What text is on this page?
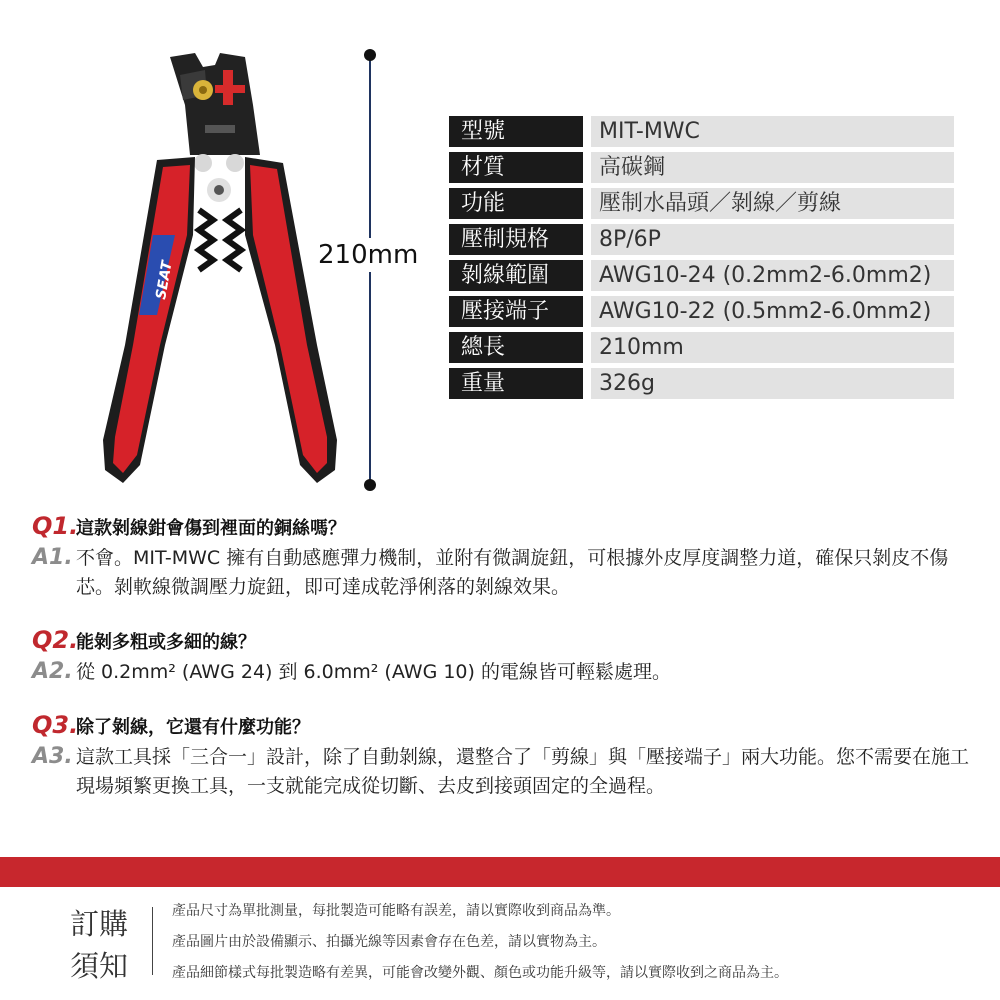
SEAT
210mm
型號	MIT-MWC
材質	高碳鋼
功能	壓制水晶頭／剝線／剪線
壓制規格	8P/6P
剝線範圍	AWG10-24 (0.2mm2-6.0mm2)
壓接端子	AWG10-22 (0.5mm2-6.0mm2)
總長	210mm
重量	326g
Q1.
這款剝線鉗會傷到裡面的銅絲嗎？
A1. 不會。MIT-MWC 擁有自動感應彈力機制，並附有微調旋鈕，可根據外皮厚度調整力道，確保只剝皮不傷芯。剝軟線微調壓力旋鈕，即可達成乾淨俐落的剝線效果。
Q2.
能剝多粗或多細的線？
A2. 從 0.2mm² (AWG 24) 到 6.0mm² (AWG 10) 的電線皆可輕鬆處理。
Q3.
除了剝線，它還有什麼功能？
A3. 這款工具採「三合一」設計，除了自動剝線，還整合了「剪線」與「壓接端子」兩大功能。您不需要在施工現場頻繁更換工具，一支就能完成從切斷、去皮到接頭固定的全過程。
訂購須知
產品尺寸為單批測量，每批製造可能略有誤差，請以實際收到商品為準。
產品圖片由於設備顯示、拍攝光線等因素會存在色差，請以實物為主。
產品細節樣式每批製造略有差異，可能會改變外觀、顏色或功能升級等，請以實際收到之商品為主。
